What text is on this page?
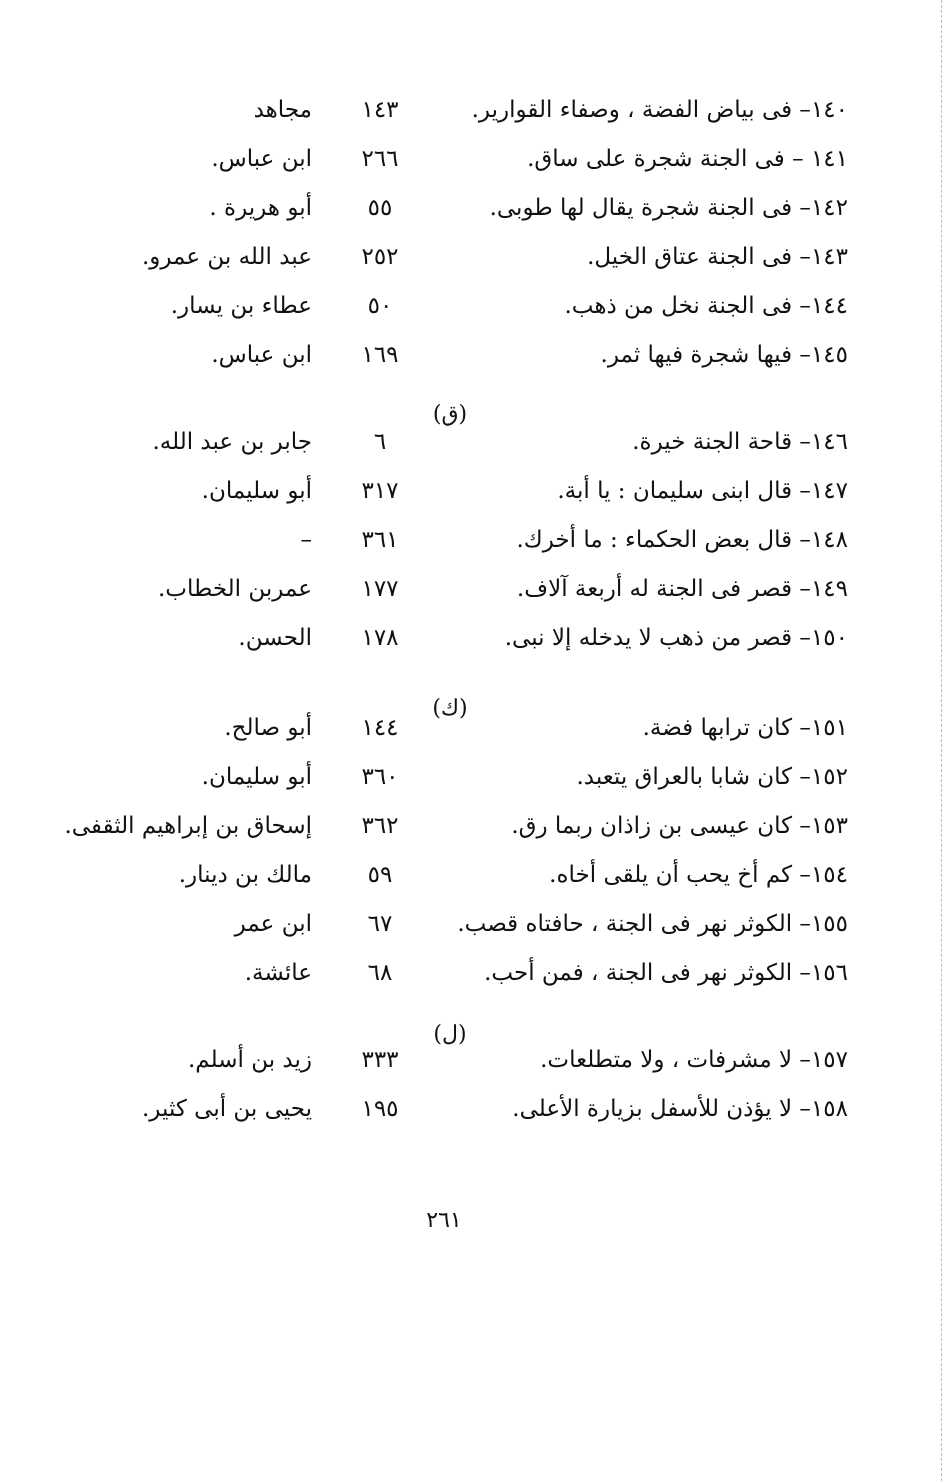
١٤٠– فى بياض الفضة ، وصفاء القوارير.
١٤٣
مجاهد
١٤١ – فى الجنة شجرة على ساق.
٢٦٦
ابن عباس.
١٤٢– فى الجنة شجرة يقال لها طوبى.
٥٥
أبو هريرة .
١٤٣– فى الجنة عتاق الخيل.
٢٥٢
عبد الله بن عمرو.
١٤٤– فى الجنة نخل من ذهب.
٥٠
عطاء بن يسار.
١٤٥– فيها شجرة فيها ثمر.
١٦٩
ابن عباس.
(ق)
١٤٦– قاحة الجنة خيرة.
٦
جابر بن عبد الله.
١٤٧– قال ابنى سليمان : يا أبة.
٣١٧
أبو سليمان.
١٤٨– قال بعض الحكماء : ما أخرك.
٣٦١
–
١٤٩– قصر فى الجنة له أربعة آلاف.
١٧٧
عمربن الخطاب.
١٥٠– قصر من ذهب لا يدخله إلا نبى.
١٧٨
الحسن.
(ك)
١٥١– كان ترابها فضة.
١٤٤
أبو صالح.
١٥٢– كان شابا بالعراق يتعبد.
٣٦٠
أبو سليمان.
١٥٣– كان عيسى بن زاذان ربما رق.
٣٦٢
إسحاق بن إبراهيم الثقفى.
١٥٤– كم أخ يحب أن يلقى أخاه.
٥٩
مالك بن دينار.
١٥٥– الكوثر نهر فى الجنة ، حافتاه قصب.
٦٧
ابن عمر
١٥٦– الكوثر نهر فى الجنة ، فمن أحب.
٦٨
عائشة.
(ل)
١٥٧– لا مشرفات ، ولا متطلعات.
٣٣٣
زيد بن أسلم.
١٥٨– لا يؤذن للأسفل بزيارة الأعلى.
١٩٥
يحيى بن أبى كثير.
٢٦١
